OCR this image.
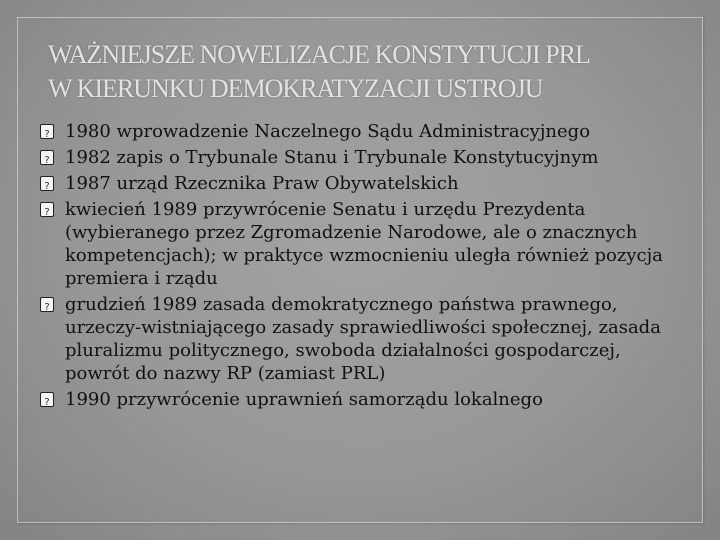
WAŻNIEJSZE NOWELIZACJE KONSTYTUCJI PRL
W KIERUNKU DEMOKRATYZACJI USTROJU
?
1980 wprowadzenie Naczelnego Sądu Administracyjnego
?
1982 zapis o Trybunale Stanu i Trybunale Konstytucyjnym
?
1987 urząd Rzecznika Praw Obywatelskich
?
kwiecień 1989 przywrócenie Senatu i urzędu Prezydenta (wybieranego przez Zgromadzenie Narodowe, ale o znacznych kompetencjach); w praktyce wzmocnieniu uległa również pozycja premiera i rządu
?
grudzień 1989 zasada demokratycznego państwa prawnego, urzeczy-wistniającego zasady sprawiedliwości społecznej, zasada pluralizmu politycznego, swoboda działalności gospodarczej, powrót do nazwy RP (zamiast PRL)
?
1990 przywrócenie uprawnień samorządu lokalnego
